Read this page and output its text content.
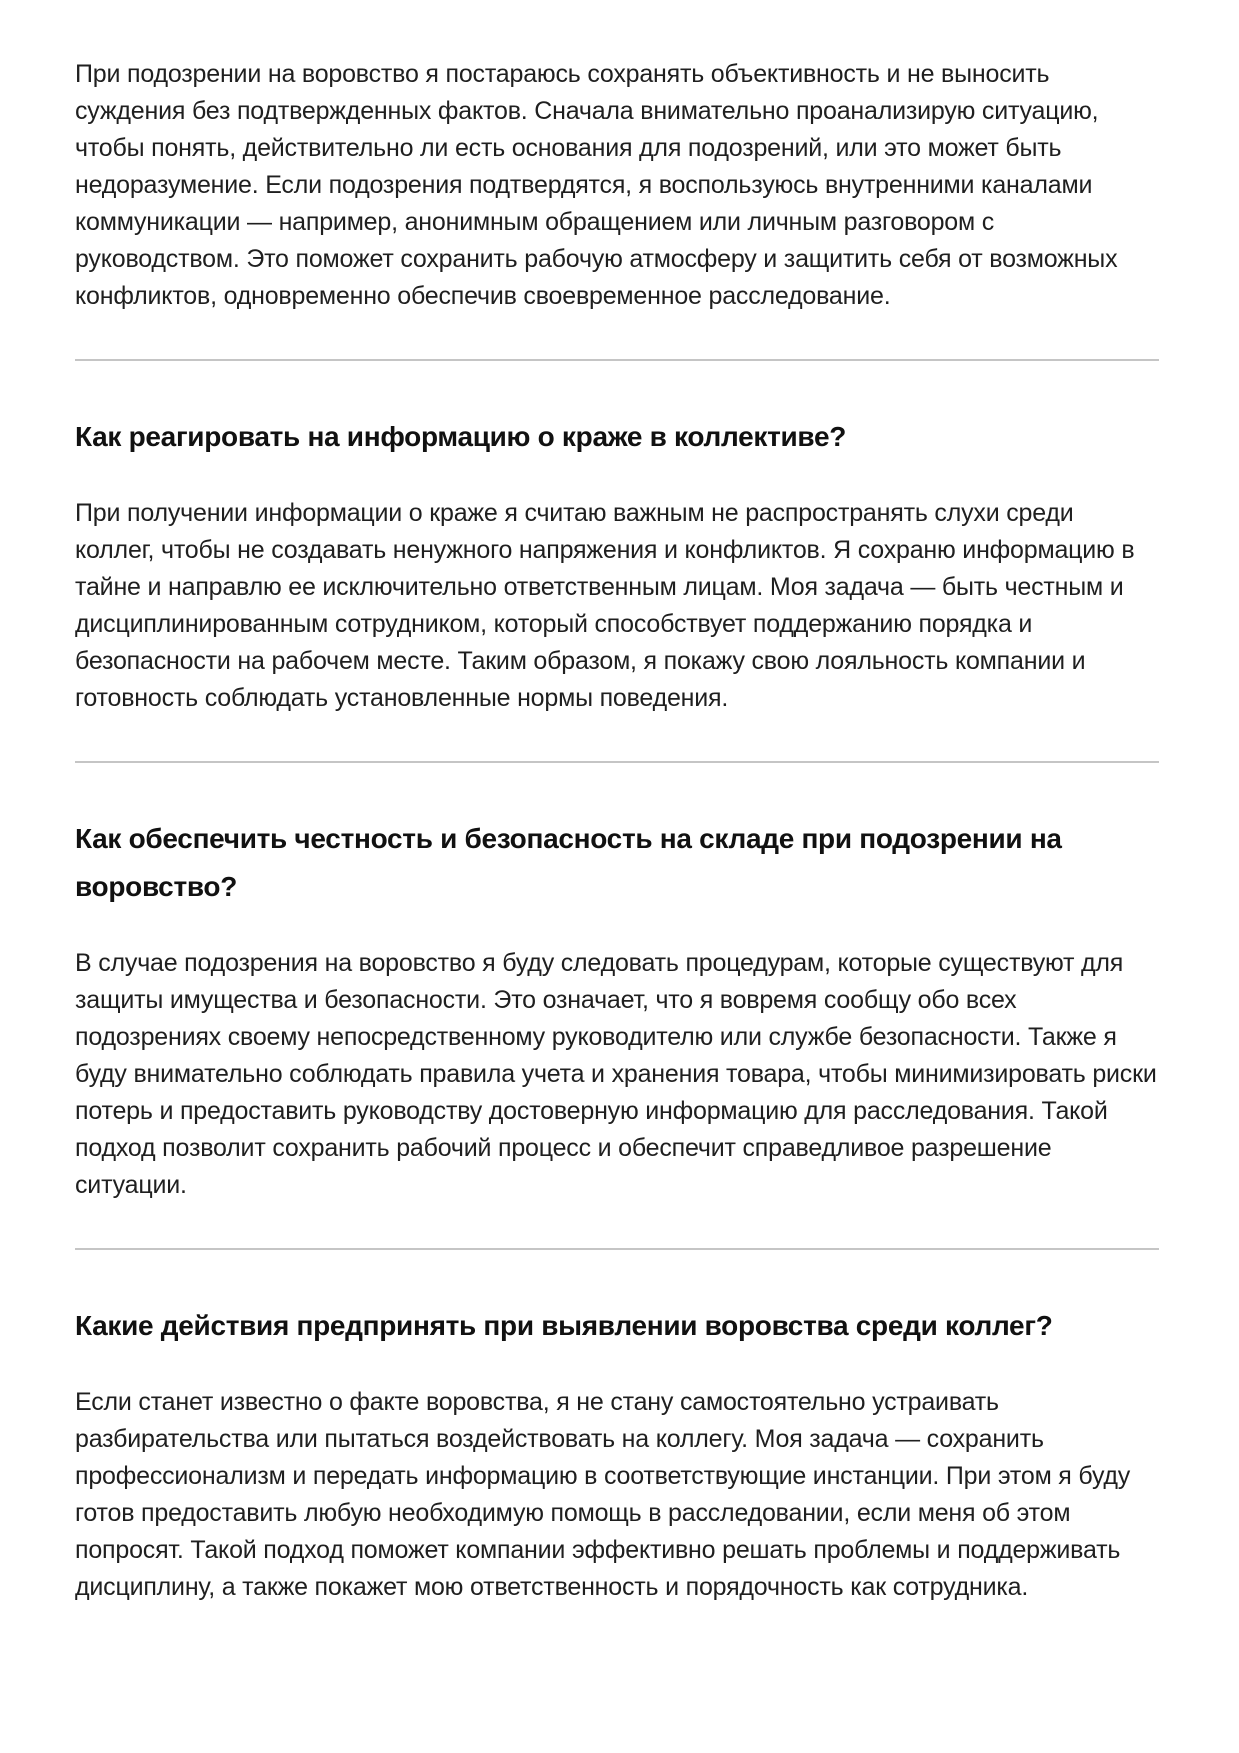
При подозрении на воровство я постараюсь сохранять объективность и не выносить суждения без подтвержденных фактов. Сначала внимательно проанализирую ситуацию, чтобы понять, действительно ли есть основания для подозрений, или это может быть недоразумение. Если подозрения подтвердятся, я воспользуюсь внутренними каналами коммуникации — например, анонимным обращением или личным разговором с руководством. Это поможет сохранить рабочую атмосферу и защитить себя от возможных конфликтов, одновременно обеспечив своевременное расследование.

Как реагировать на информацию о краже в коллективе?

При получении информации о краже я считаю важным не распространять слухи среди коллег, чтобы не создавать ненужного напряжения и конфликтов. Я сохраню информацию в тайне и направлю ее исключительно ответственным лицам. Моя задача — быть честным и дисциплинированным сотрудником, который способствует поддержанию порядка и безопасности на рабочем месте. Таким образом, я покажу свою лояльность компании и готовность соблюдать установленные нормы поведения.

Как обеспечить честность и безопасность на складе при подозрении на воровство?

В случае подозрения на воровство я буду следовать процедурам, которые существуют для защиты имущества и безопасности. Это означает, что я вовремя сообщу обо всех подозрениях своему непосредственному руководителю или службе безопасности. Также я буду внимательно соблюдать правила учета и хранения товара, чтобы минимизировать риски потерь и предоставить руководству достоверную информацию для расследования. Такой подход позволит сохранить рабочий процесс и обеспечит справедливое разрешение ситуации.

Какие действия предпринять при выявлении воровства среди коллег?

Если станет известно о факте воровства, я не стану самостоятельно устраивать разбирательства или пытаться воздействовать на коллегу. Моя задача — сохранить профессионализм и передать информацию в соответствующие инстанции. При этом я буду готов предоставить любую необходимую помощь в расследовании, если меня об этом попросят. Такой подход поможет компании эффективно решать проблемы и поддерживать дисциплину, а также покажет мою ответственность и порядочность как сотрудника.
